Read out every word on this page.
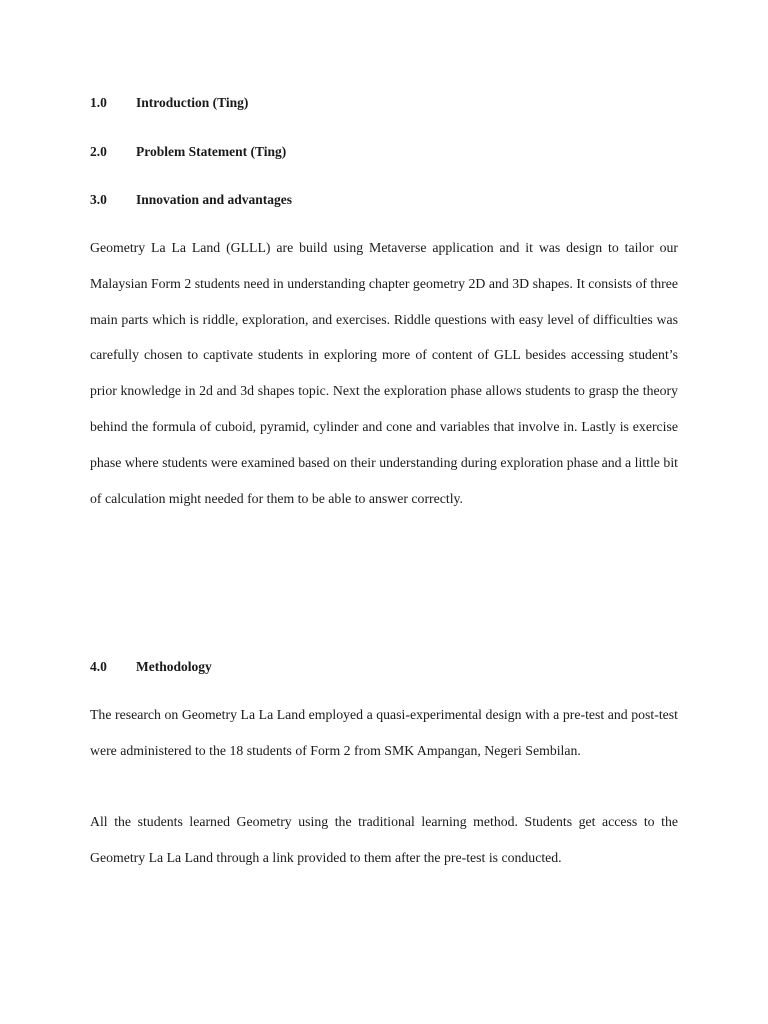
1.0 Introduction (Ting)
2.0 Problem Statement (Ting)
3.0 Innovation and advantages

Geometry La La Land (GLLL) are build using Metaverse application and it was design to tailor our Malaysian Form 2 students need in understanding chapter geometry 2D and 3D shapes. It consists of three main parts which is riddle, exploration, and exercises. Riddle questions with easy level of difficulties was carefully chosen to captivate students in exploring more of content of GLL besides accessing student’s prior knowledge in 2d and 3d shapes topic. Next the exploration phase allows students to grasp the theory behind the formula of cuboid, pyramid, cylinder and cone and variables that involve in. Lastly is exercise phase where students were examined based on their understanding during exploration phase and a little bit of calculation might needed for them to be able to answer correctly.

4.0 Methodology

The research on Geometry La La Land employed a quasi-experimental design with a pre-test and post-test were administered to the 18 students of Form 2 from SMK Ampangan, Negeri Sembilan.

All the students learned Geometry using the traditional learning method. Students get access to the Geometry La La Land through a link provided to them after the pre-test is conducted.
